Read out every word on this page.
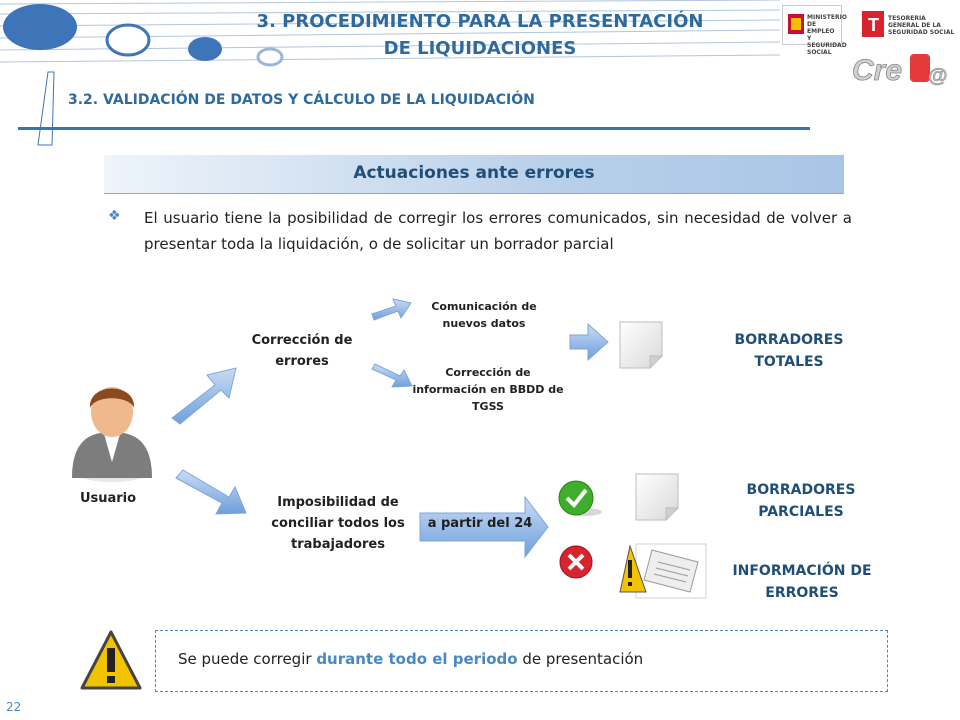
3. PROCEDIMIENTO PARA LA PRESENTACIÓN
DE LIQUIDACIONES
MINISTERIO DE EMPLEO Y SEGURIDAD SOCIAL
T TESORERIA GENERAL DE LA SEGURIDAD SOCIAL
Cre @
3.2. VALIDACIÓN DE DATOS Y CÁLCULO DE LA LIQUIDACIÓN
Actuaciones ante errores
❖ El usuario tiene la posibilidad de corregir los errores comunicados, sin necesidad de volver a presentar toda la liquidación, o de solicitar un borrador parcial
Usuario
Corrección de errores
Comunicación de nuevos datos
Corrección de información en BBDD de TGSS
BORRADORES TOTALES
Imposibilidad de conciliar todos los trabajadores
a partir del 24
BORRADORES PARCIALES
INFORMACIÓN DE ERRORES
Se puede corregir durante todo el periodo de presentación
22
